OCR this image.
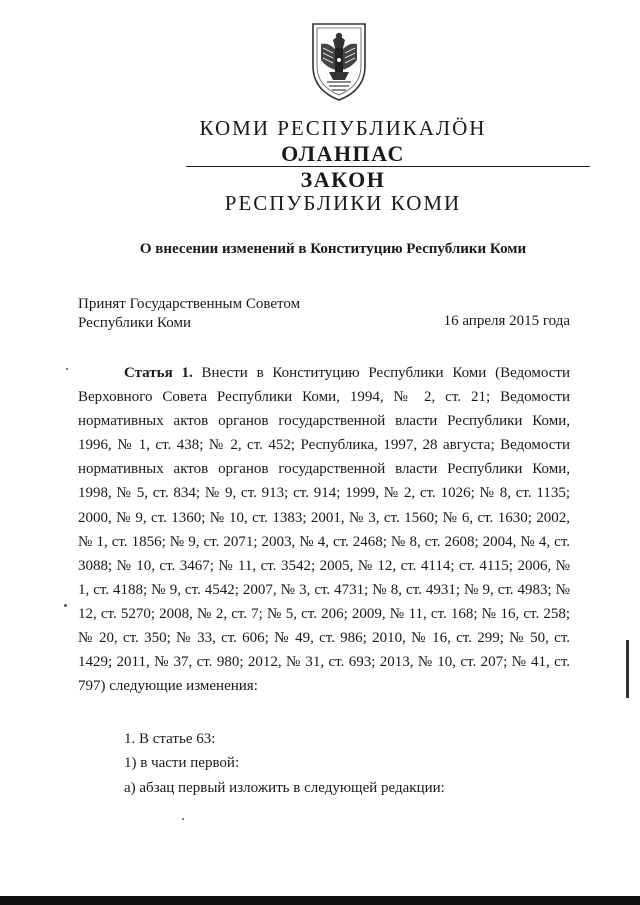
КОМИ РЕСПУБЛИКАЛӦН
ОЛАНПАС
ЗАКОН
РЕСПУБЛИКИ КОМИ
О внесении изменений в Конституцию Республики Коми
Принят Государственным Советом
Республики Коми	16 апреля 2015 года

Статья 1. Внести в Конституцию Республики Коми (Ведомости Верховного Совета Республики Коми, 1994, № 2, ст. 21; Ведомости нормативных актов органов государственной власти Республики Коми, 1996, № 1, ст. 438; № 2, ст. 452; Республика, 1997, 28 августа; Ведомости нормативных актов органов государственной власти Республики Коми, 1998, № 5, ст. 834; № 9, ст. 913; ст. 914; 1999, № 2, ст. 1026; № 8, ст. 1135; 2000, № 9, ст. 1360; № 10, ст. 1383; 2001, № 3, ст. 1560; № 6, ст. 1630; 2002, № 1, ст. 1856; № 9, ст. 2071; 2003, № 4, ст. 2468; № 8, ст. 2608; 2004, № 4, ст. 3088; № 10, ст. 3467; № 11, ст. 3542; 2005, № 12, ст. 4114; ст. 4115; 2006, № 1, ст. 4188; № 9, ст. 4542; 2007, № 3, ст. 4731; № 8, ст. 4931; № 9, ст. 4983; № 12, ст. 5270; 2008, № 2, ст. 7; № 5, ст. 206; 2009, № 11, ст. 168; № 16, ст. 258; № 20, ст. 350; № 33, ст. 606; № 49, ст. 986; 2010, № 16, ст. 299; № 50, ст. 1429; 2011, № 37, ст. 980; 2012, № 31, ст. 693; 2013, № 10, ст. 207; № 41, ст. 797) следующие изменения:

1. В статье 63:
1) в части первой:
а) абзац первый изложить в следующей редакции:
